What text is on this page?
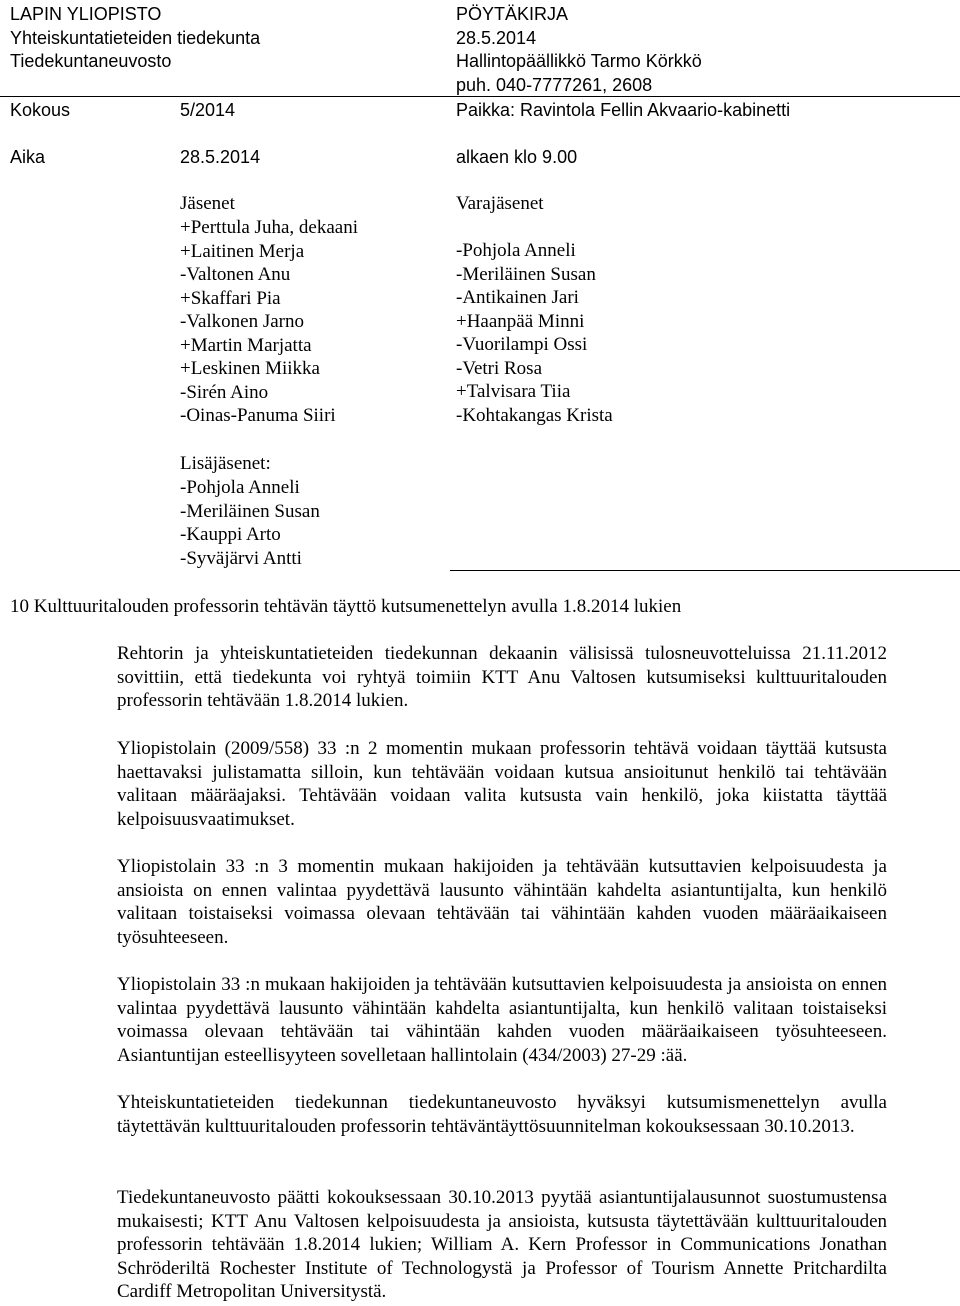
LAPIN YLIOPISTO
Yhteiskuntatieteiden tiedekunta
Tiedekuntaneuvosto
PÖYTÄKIRJA
28.5.2014
Hallintopäällikkö Tarmo Körkkö
puh. 040-7777261, 2608
Kokous	5/2014	Paikka: Ravintola Fellin Akvaario-kabinetti
Aika	28.5.2014	alkaen klo 9.00
Jäsenet
+Perttula Juha, dekaani
+Laitinen Merja
-Valtonen Anu
+Skaffari Pia
-Valkonen Jarno
+Martin Marjatta
+Leskinen Miikka
-Sirén Aino
-Oinas-Panuma Siiri
Varajäsenet
-Pohjola Anneli
-Meriläinen Susan
-Antikainen Jari
+Haanpää Minni
-Vuorilampi Ossi
-Vetri Rosa
+Talvisara Tiia
-Kohtakangas Krista
Lisäjäsenet:
-Pohjola Anneli
-Meriläinen Susan
-Kauppi Arto
-Syväjärvi Antti
10 Kulttuuritalouden professorin tehtävän täyttö kutsumenettelyn avulla 1.8.2014 lukien

Rehtorin ja yhteiskuntatieteiden tiedekunnan dekaanin välisissä tulosneuvotteluissa 21.11.2012 sovittiin, että tiedekunta voi ryhtyä toimiin KTT Anu Valtosen kutsumiseksi kulttuuritalouden professorin tehtävään 1.8.2014 lukien.

Yliopistolain (2009/558) 33 :n 2 momentin mukaan professorin tehtävä voidaan täyttää kutsusta haettavaksi julistamatta silloin, kun tehtävään voidaan kutsua ansioitunut henkilö tai tehtävään valitaan määräajaksi. Tehtävään voidaan valita kutsusta vain henkilö, joka kiistatta täyttää kelpoisuusvaatimukset.

Yliopistolain 33 :n 3 momentin mukaan hakijoiden ja tehtävään kutsuttavien kelpoisuudesta ja ansioista on ennen valintaa pyydettävä lausunto vähintään kahdelta asiantuntijalta, kun henkilö valitaan toistaiseksi voimassa olevaan tehtävään tai vähintään kahden vuoden määräaikaiseen työsuhteeseen.

Yliopistolain 33 :n mukaan hakijoiden ja tehtävään kutsuttavien kelpoisuudesta ja ansioista on ennen valintaa pyydettävä lausunto vähintään kahdelta asiantuntijalta, kun henkilö valitaan toistaiseksi voimassa olevaan tehtävään tai vähintään kahden vuoden määräaikaiseen työsuhteeseen. Asiantuntijan esteellisyyteen sovelletaan hallintolain (434/2003) 27-29 :ää.

Yhteiskuntatieteiden tiedekunnan tiedekuntaneuvosto hyväksyi kutsumismenettelyn avulla täytettävän kulttuuritalouden professorin tehtäväntäyttösuunnitelman kokouksessaan 30.10.2013.

Tiedekuntaneuvosto päätti kokouksessaan 30.10.2013 pyytää asiantuntijalausunnot suostumustensa mukaisesti; KTT Anu Valtosen kelpoisuudesta ja ansioista, kutsusta täytettävään kulttuuritalouden professorin tehtävään 1.8.2014 lukien; William A. Kern Professor in Communications Jonathan Schröderiltä Rochester Institute of Technologystä ja Professor of Tourism Annette Pritchardilta Cardiff Metropolitan Universitystä.
